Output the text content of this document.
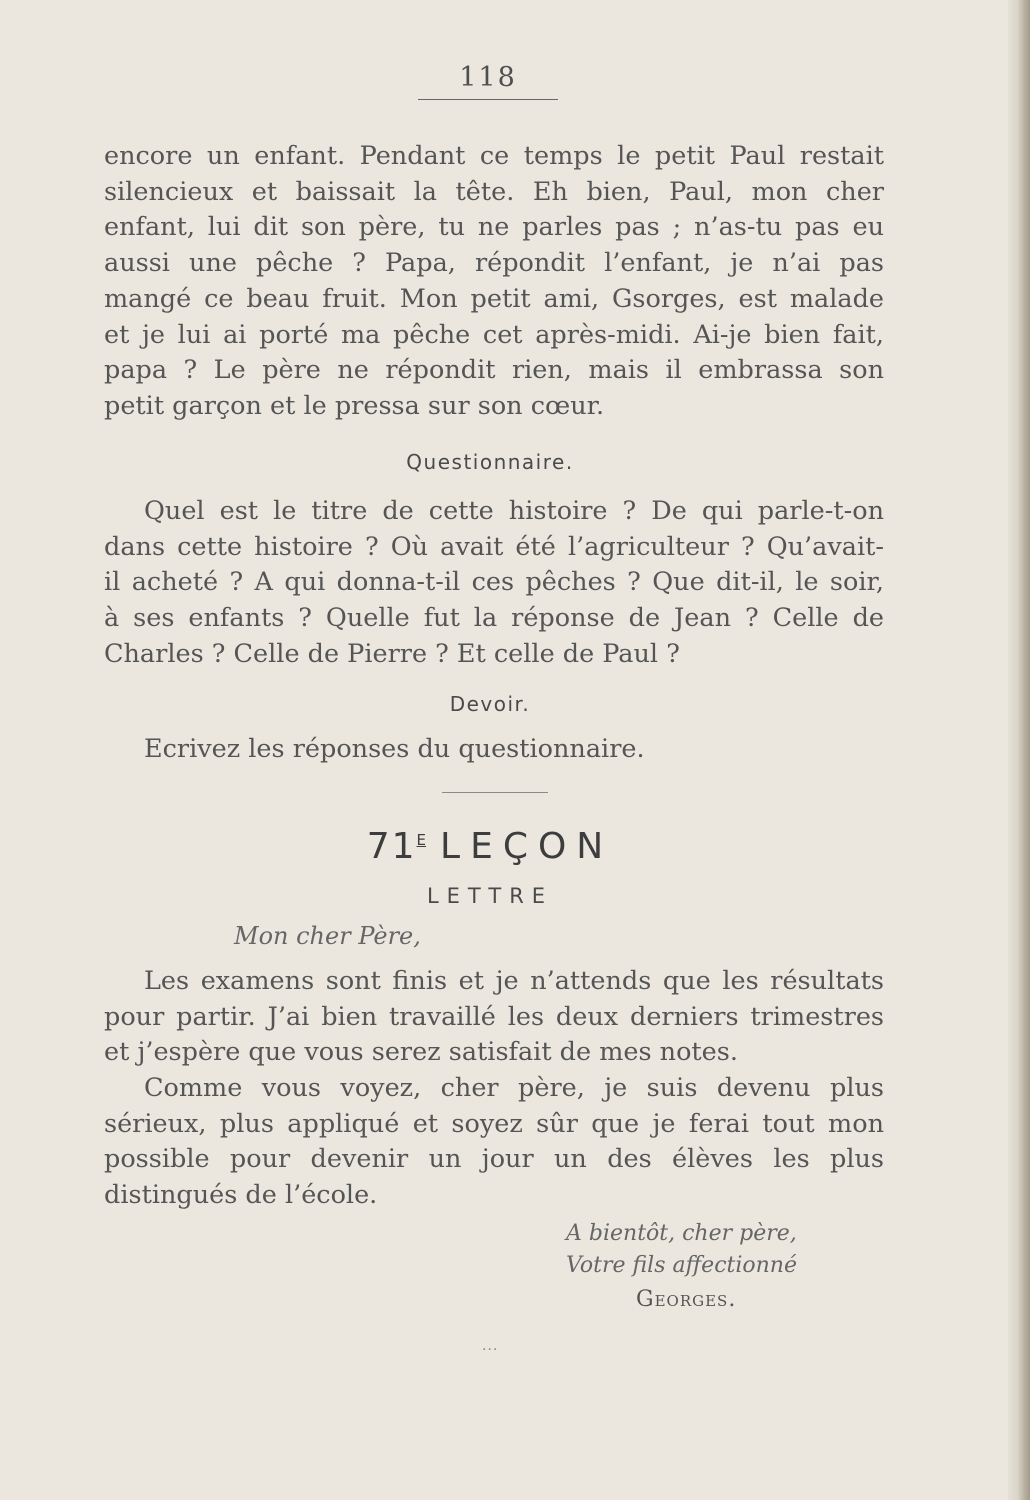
118
encore un enfant. Pendant ce temps le petit Paul restait
silencieux et baissait la tête. Eh bien, Paul, mon cher
enfant, lui dit son père, tu ne parles pas ; n’as-tu pas eu
aussi une pêche ? Papa, répondit l’enfant, je n’ai pas
mangé ce beau fruit. Mon petit ami, Gsorges, est malade
et je lui ai porté ma pêche cet après-midi. Ai-je bien fait,
papa ? Le père ne répondit rien, mais il embrassa son
petit garçon et le pressa sur son cœur.
Questionnaire.
Quel est le titre de cette histoire ? De qui parle-t-on
dans cette histoire ? Où avait été l’agriculteur ? Qu’avait-
il acheté ? A qui donna-t-il ces pêches ? Que dit-il, le soir,
à ses enfants ? Quelle fut la réponse de Jean ? Celle de
Charles ? Celle de Pierre ? Et celle de Paul ?
Devoir.
Ecrivez les réponses du questionnaire.
$71^E$ LEÇON
LETTRE
Mon cher Père,
Les examens sont finis et je n’attends que les résultats
pour partir. J’ai bien travaillé les deux derniers trimestres
et j’espère que vous serez satisfait de mes notes.
Comme vous voyez, cher père, je suis devenu plus
sérieux, plus appliqué et soyez sûr que je ferai tout mon
possible pour devenir un jour un des élèves les plus
distingués de l’école.
A bientôt, cher père,
Votre fils affectionné
Georges.
···
